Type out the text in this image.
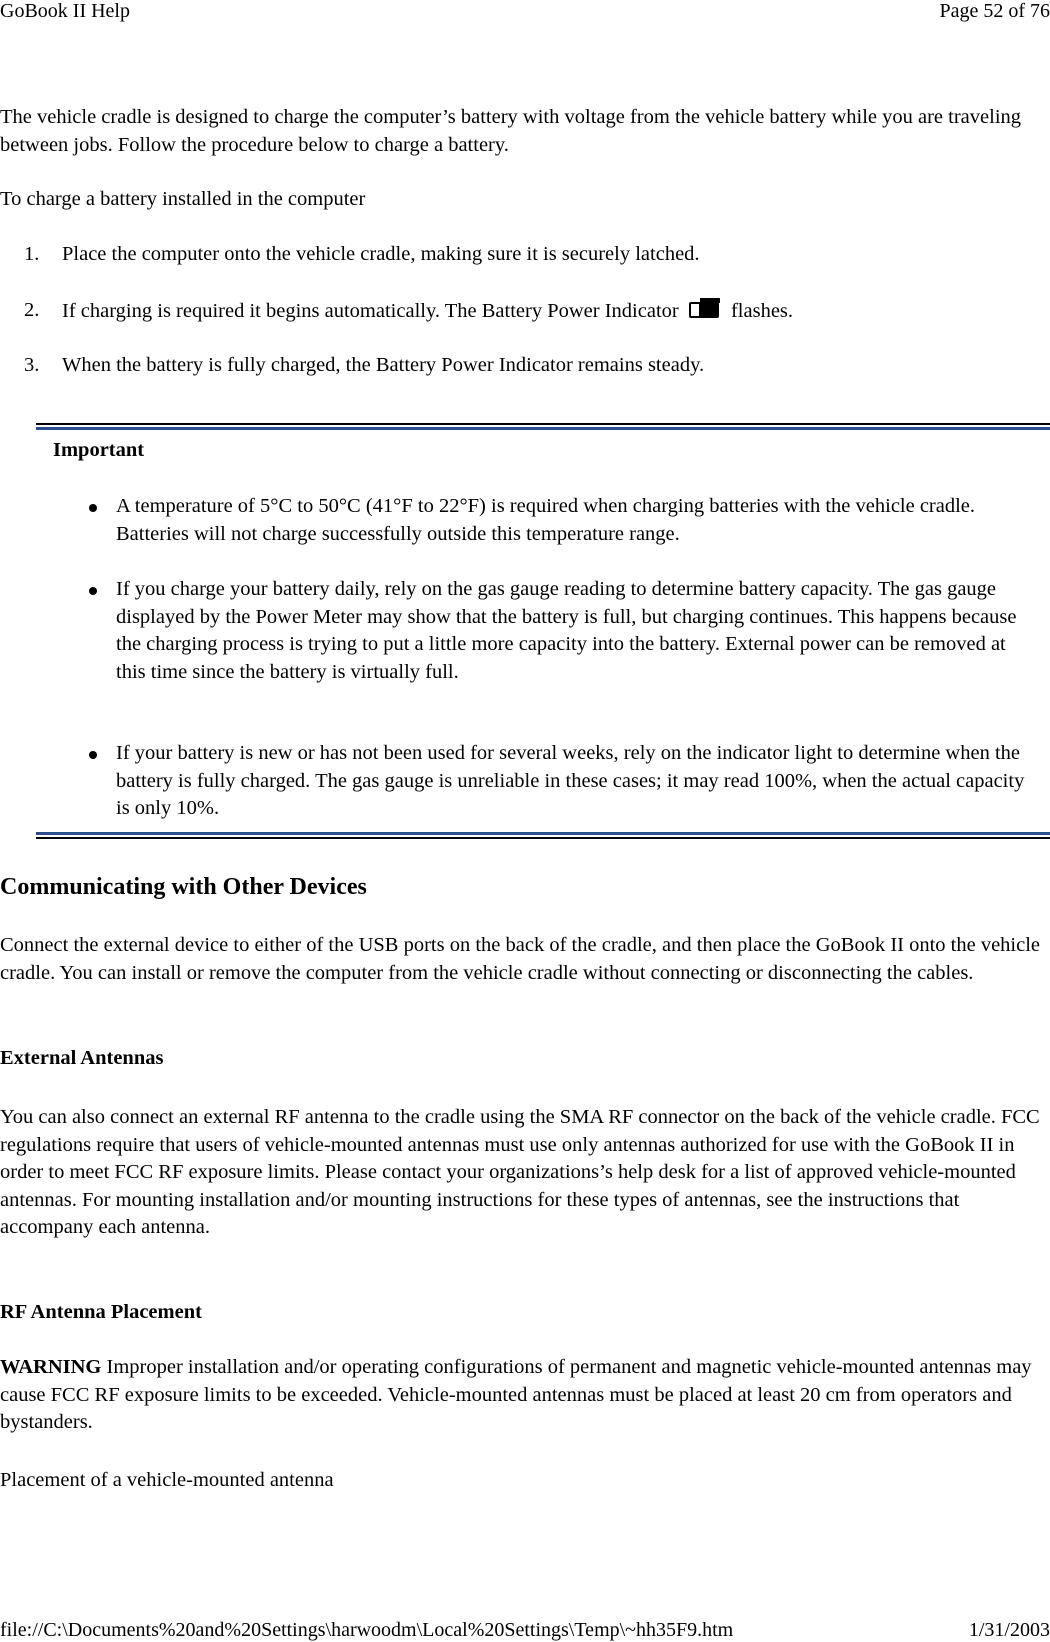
GoBook II Help	Page 52 of 76

The vehicle cradle is designed to charge the computer’s battery with voltage from the vehicle battery while you are traveling between jobs. Follow the procedure below to charge a battery.

To charge a battery installed in the computer

1.	Place the computer onto the vehicle cradle, making sure it is securely latched.
2.	If charging is required it begins automatically. The Battery Power Indicator	flashes.
3.	When the battery is fully charged, the Battery Power Indicator remains steady.
Important
A temperature of 5°C to 50°C (41°F to 22°F) is required when charging batteries with the vehicle cradle. Batteries will not charge successfully outside this temperature range.
If you charge your battery daily, rely on the gas gauge reading to determine battery capacity. The gas gauge displayed by the Power Meter may show that the battery is full, but charging continues. This happens because the charging process is trying to put a little more capacity into the battery. External power can be removed at this time since the battery is virtually full.
If your battery is new or has not been used for several weeks, rely on the indicator light to determine when the battery is fully charged. The gas gauge is unreliable in these cases; it may read 100%, when the actual capacity is only 10%.
Communicating with Other Devices

Connect the external device to either of the USB ports on the back of the cradle, and then place the GoBook II onto the vehicle cradle. You can install or remove the computer from the vehicle cradle without connecting or disconnecting the cables.

External Antennas

You can also connect an external RF antenna to the cradle using the SMA RF connector on the back of the vehicle cradle. FCC regulations require that users of vehicle-mounted antennas must use only antennas authorized for use with the GoBook II in order to meet FCC RF exposure limits. Please contact your organizations’s help desk for a list of approved vehicle-mounted antennas. For mounting installation and/or mounting instructions for these types of antennas, see the instructions that accompany each antenna.

RF Antenna Placement

WARNING Improper installation and/or operating configurations of permanent and magnetic vehicle-mounted antennas may cause FCC RF exposure limits to be exceeded. Vehicle-mounted antennas must be placed at least 20 cm from operators and bystanders.

Placement of a vehicle-mounted antenna

file://C:\Documents%20and%20Settings\harwoodm\Local%20Settings\Temp\~hh35F9.htm	1/31/2003
